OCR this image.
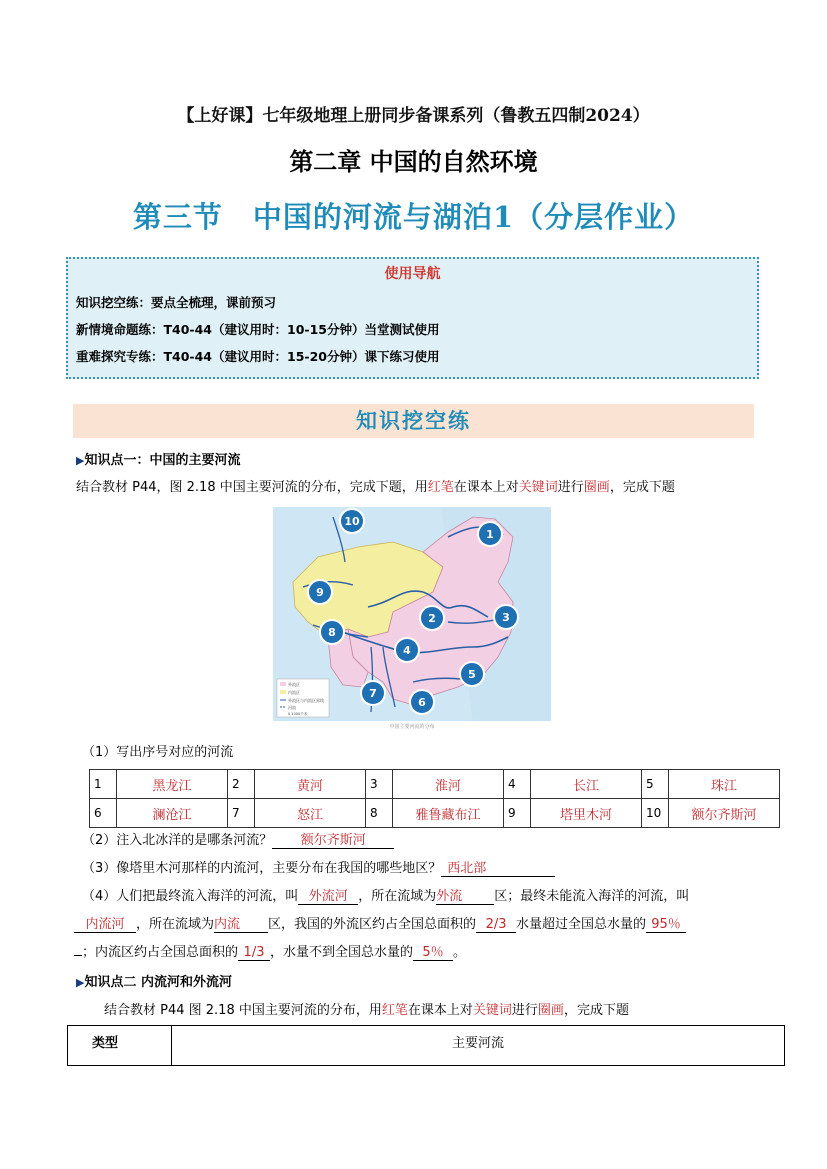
【上好课】七年级地理上册同步备课系列（鲁教五四制2024）
第二章 中国的自然环境
第三节　中国的河流与湖泊1（分层作业）
使用导航
知识挖空练：要点全梳理，课前预习
新情境命题练：T40-44（建议用时：10-15分钟）当堂测试使用
重难探究专练：T40-44（建议用时：15-20分钟）课下练习使用
知识挖空练
▶知识点一：中国的主要河流
结合教材 P44，图 2.18 中国主要河流的分布，完成下题，用红笔在课本上对关键词进行圈画，完成下题
外流区
内流区
外流区与内流区界线
河流
0 1000千米
10
1
9
2	3
8
4
5
7
6
中国主要河流的分布
（1）写出序号对应的河流
1	黑龙江	2	黄河	3	淮河	4	长江	5	珠江
6	澜沧江	7	怒江	8	雅鲁藏布江	9	塔里木河	10	额尔齐斯河
（2）注入北冰洋的是哪条河流？ 额尔齐斯河
（3）像塔里木河那样的内流河，主要分布在我国的哪些地区？ 西北部
（4）人们把最终流入海洋的河流，叫 外流河 ，所在流域为外流 区；最终未能流入海洋的河流，叫
内流河 ，所在流域为内流 区，我国的外流区约占全国总面积的 2/3 水量超过全国总水量的 95％
；内流区约占全国总面积的 1/3 ，水量不到全国总水量的 5％ 。
▶知识点二 内流河和外流河
结合教材 P44 图 2.18 中国主要河流的分布，用红笔在课本上对关键词进行圈画，完成下题
类型	主要河流
